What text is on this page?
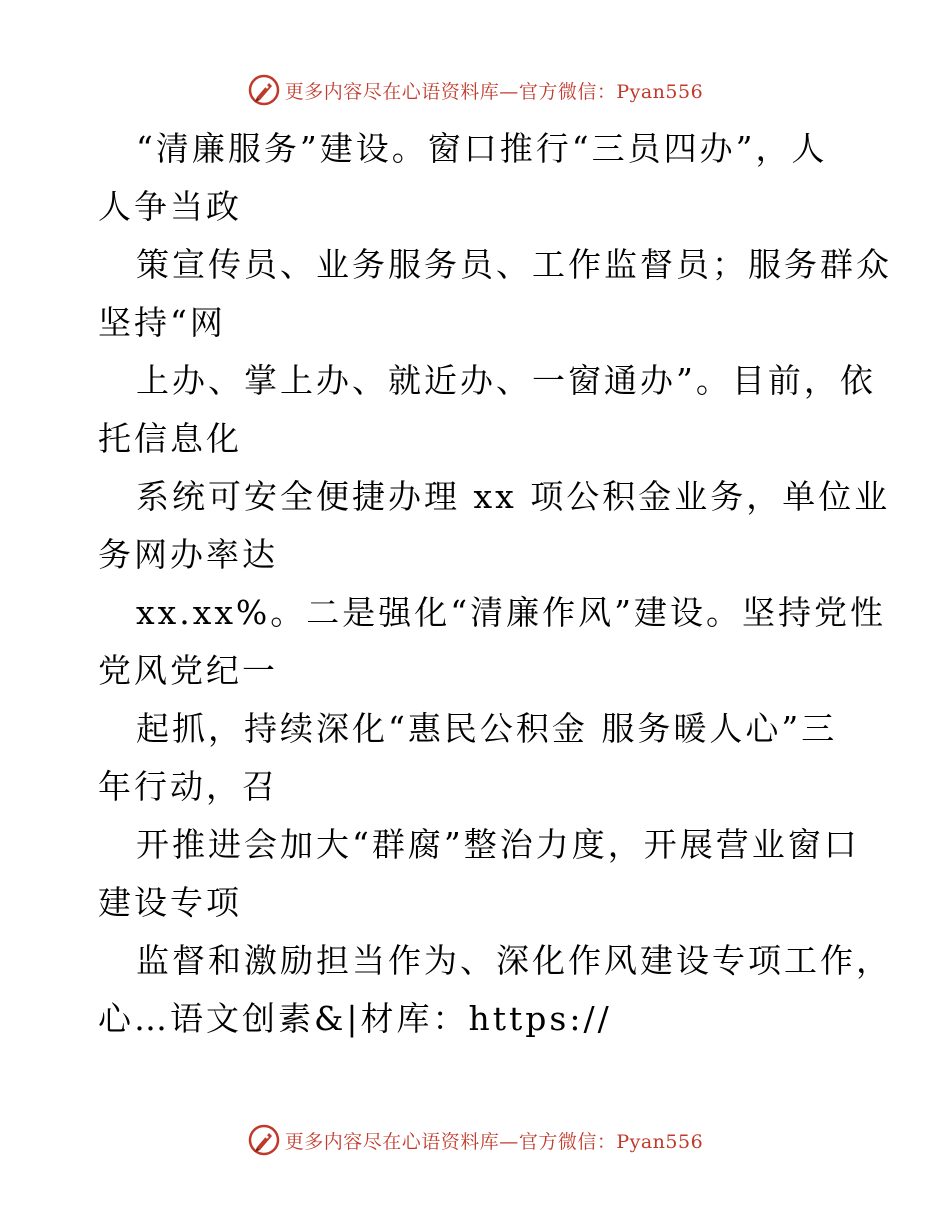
更多内容尽在心语资料库—官方微信：Pyan556
“清廉服务”建设。窗口推行“三员四办”，人
人争当政
策宣传员、业务服务员、工作监督员；服务群众
坚持“网
上办、掌上办、就近办、一窗通办”。目前，依
托信息化
系统可安全便捷办理 xx 项公积金业务，单位业
务网办率达
xx.xx%。二是强化“清廉作风”建设。坚持党性
党风党纪一
起抓，持续深化“惠民公积金 服务暖人心”三
年行动，召
开推进会加大“群腐”整治力度，开展营业窗口
建设专项
监督和激励担当作为、深化作风建设专项工作，
心…语文创素&|材库：https://
更多内容尽在心语资料库—官方微信：Pyan556
